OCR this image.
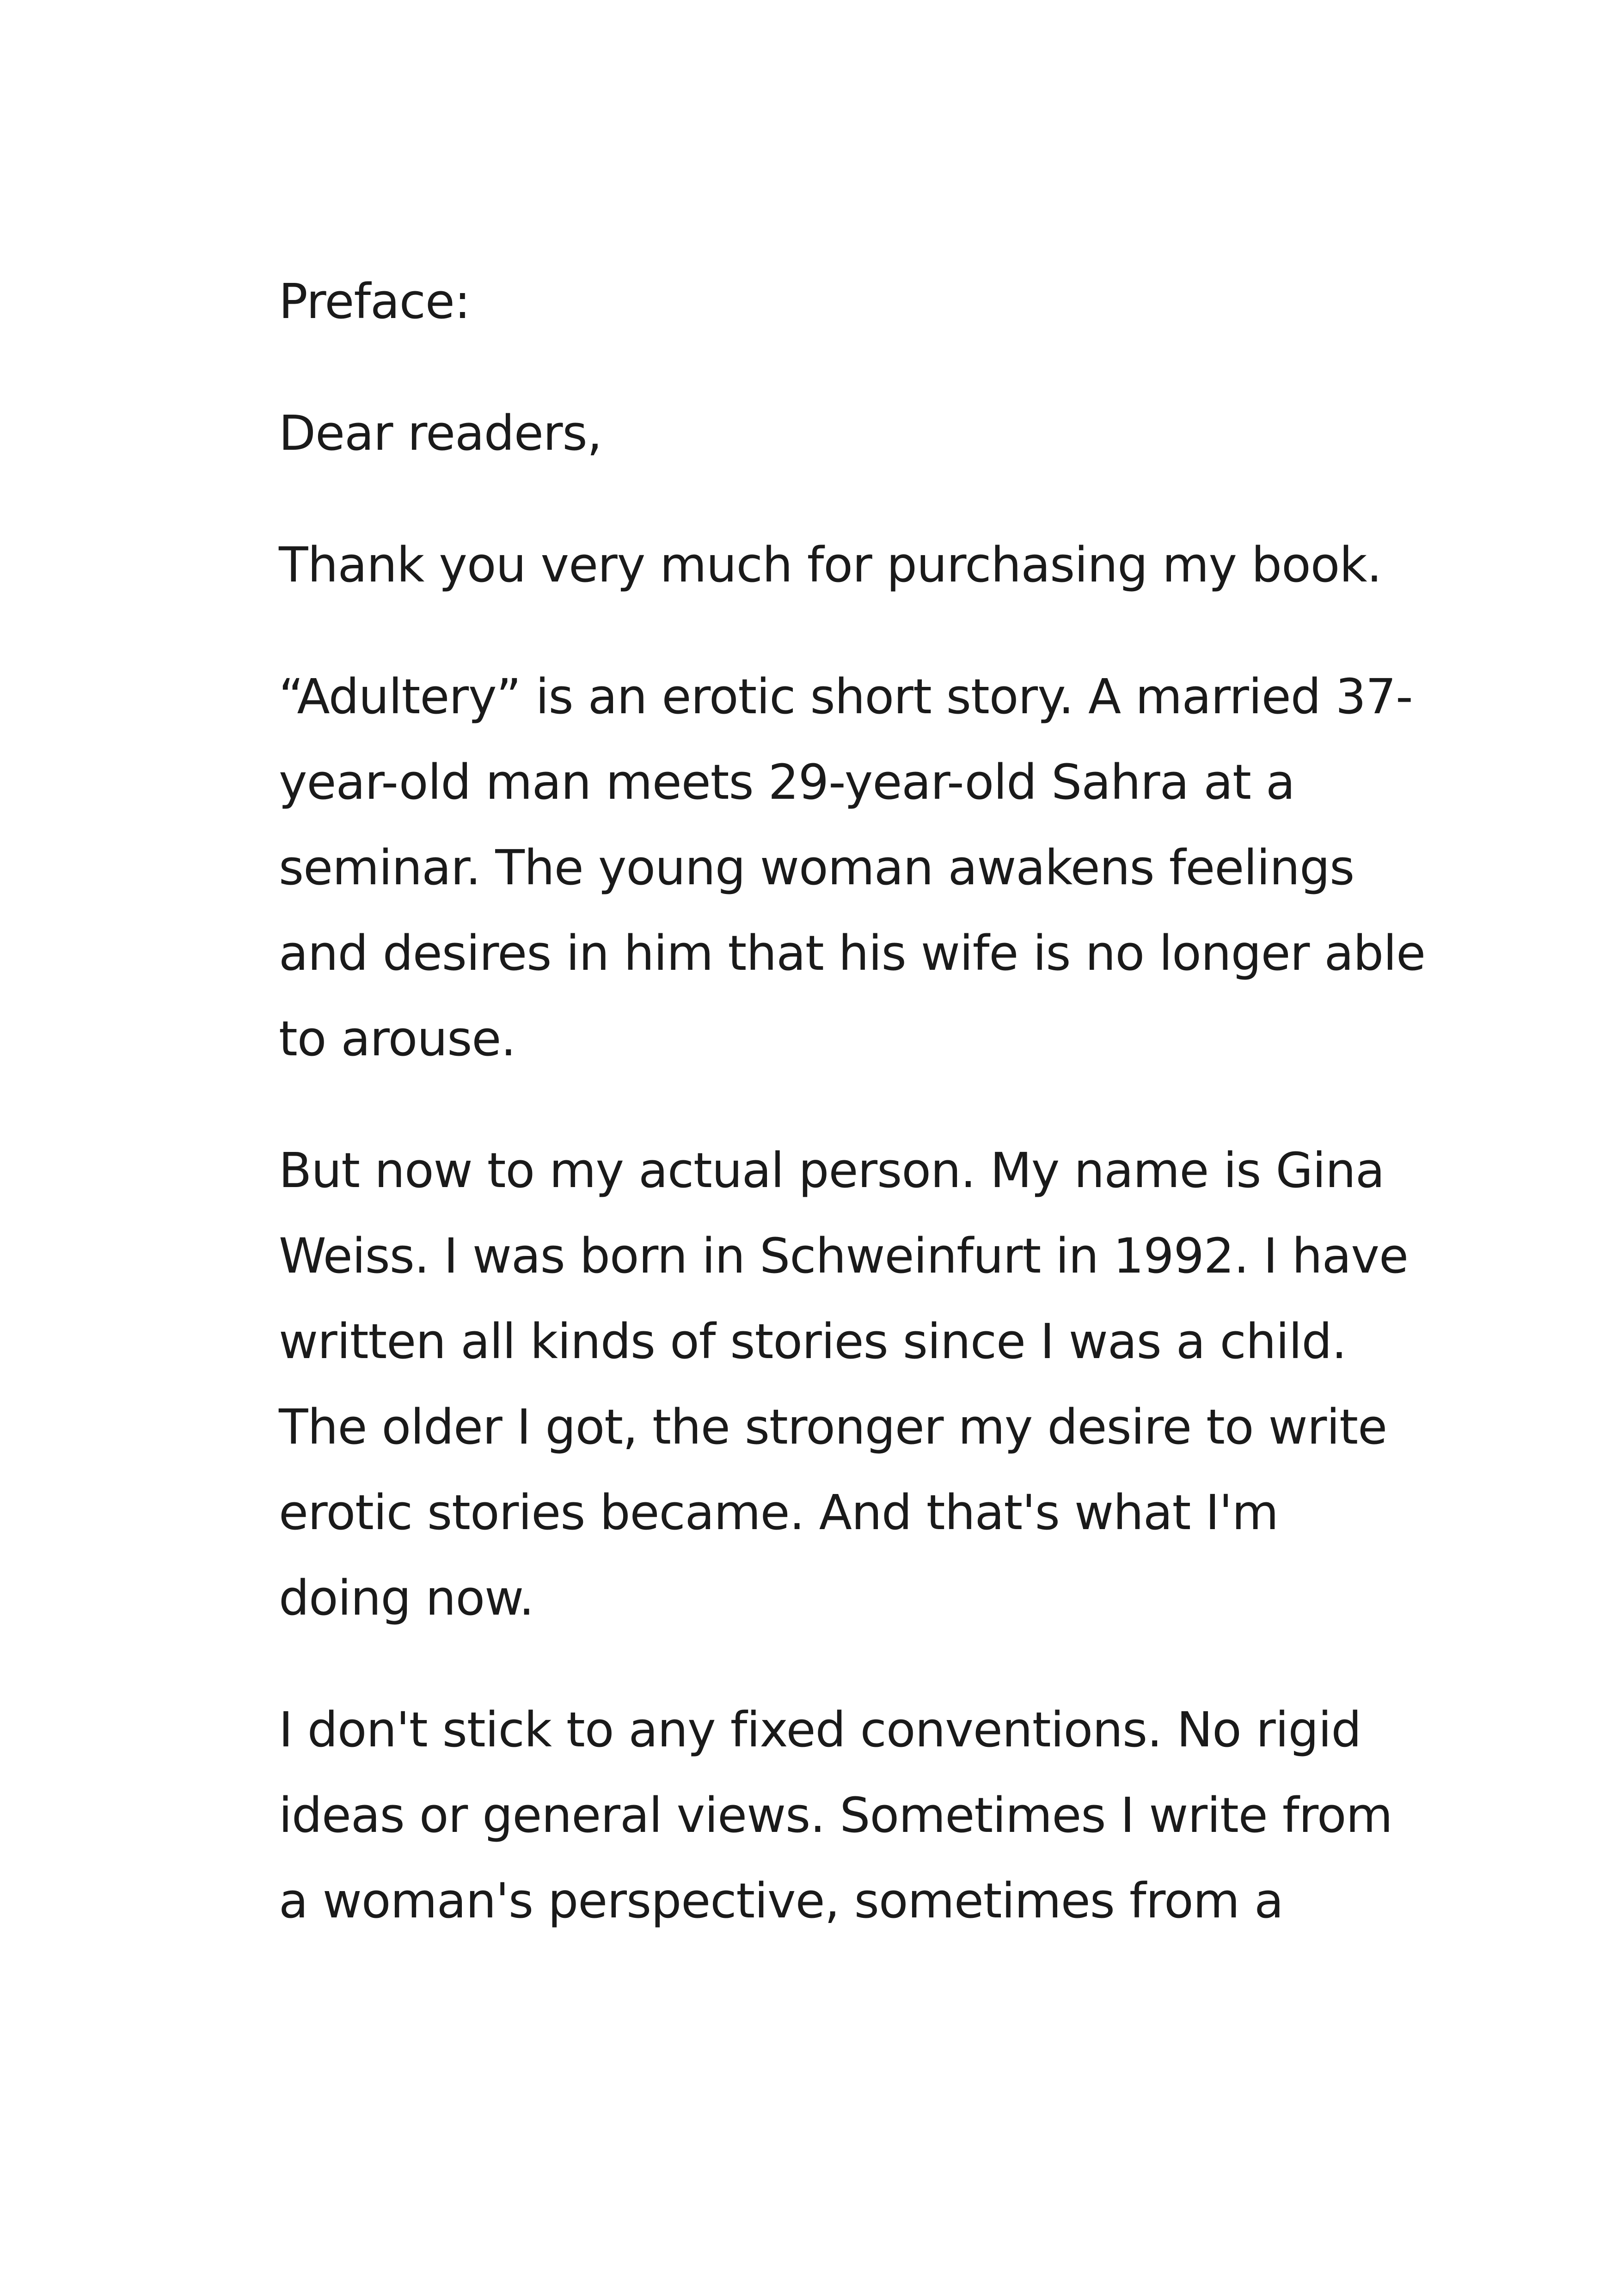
Preface:

Dear readers,

Thank you very much for purchasing my book.

“Adultery” is an erotic short story. A married 37-
year-old man meets 29-year-old Sahra at a
seminar. The young woman awakens feelings
and desires in him that his wife is no longer able
to arouse.

But now to my actual person. My name is Gina
Weiss. I was born in Schweinfurt in 1992. I have
written all kinds of stories since I was a child.
The older I got, the stronger my desire to write
erotic stories became. And that's what I'm
doing now.

I don't stick to any fixed conventions. No rigid
ideas or general views. Sometimes I write from
a woman's perspective, sometimes from a
